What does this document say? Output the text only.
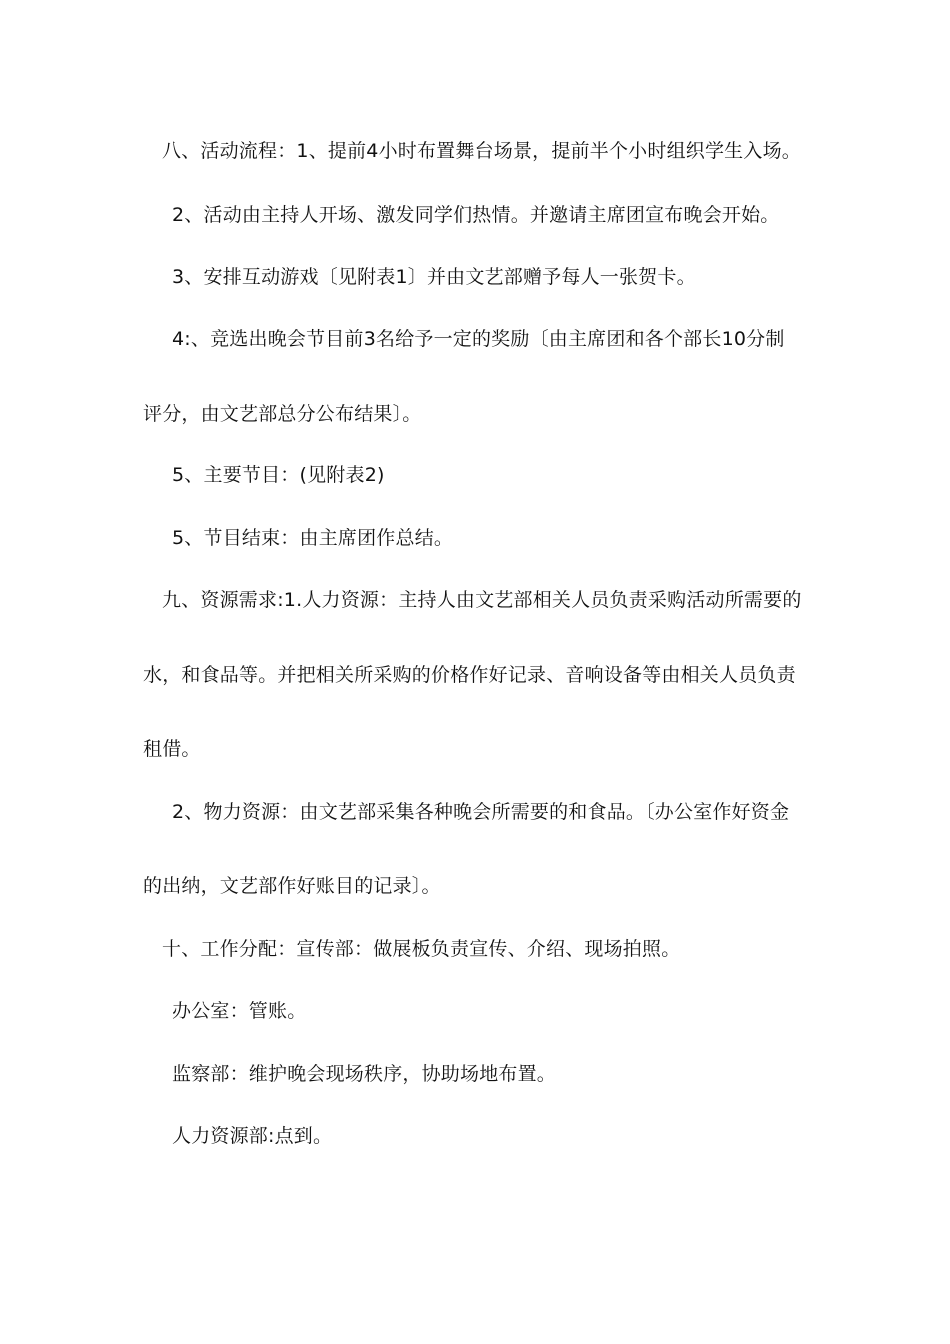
八、活动流程：1、提前4小时布置舞台场景，提前半个小时组织学生入场。
2、活动由主持人开场、激发同学们热情。并邀请主席团宣布晚会开始。
3、安排互动游戏〔见附表1〕并由文艺部赠予每人一张贺卡。
4:、竞选出晚会节目前3名给予一定的奖励〔由主席团和各个部长10分制
评分，由文艺部总分公布结果〕。
5、主要节目：(见附表2)
5、节目结束：由主席团作总结。
九、资源需求:1.人力资源：主持人由文艺部相关人员负责采购活动所需要的
水，和食品等。并把相关所采购的价格作好记录、音响设备等由相关人员负责
租借。
2、物力资源：由文艺部采集各种晚会所需要的和食品。〔办公室作好资金
的出纳，文艺部作好账目的记录〕。
十、工作分配：宣传部：做展板负责宣传、介绍、现场拍照。
办公室：管账。
监察部：维护晚会现场秩序，协助场地布置。
人力资源部:点到。
